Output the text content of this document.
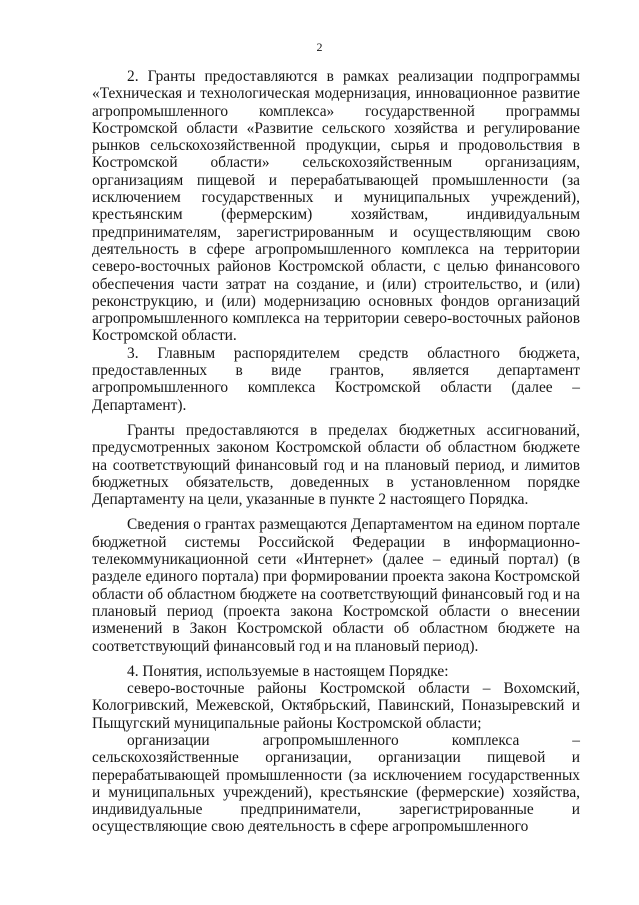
2

2. Гранты предоставляются в рамках реализации подпрограммы «Техническая и технологическая модернизация, инновационное развитие агропромышленного комплекса» государственной программы Костромской области «Развитие сельского хозяйства и регулирование рынков сельскохозяйственной продукции, сырья и продовольствия в Костромской области» сельскохозяйственным организациям, организациям пищевой и перерабатывающей промышленности (за исключением государственных и муниципальных учреждений), крестьянским (фермерским) хозяйствам, индивидуальным предпринимателям, зарегистрированным и осуществляющим свою деятельность в сфере агропромышленного комплекса на территории северо-восточных районов Костромской области, с целью финансового обеспечения части затрат на создание, и (или) строительство, и (или) реконструкцию, и (или) модернизацию основных фондов организаций агропромышленного комплекса на территории северо-восточных районов Костромской области.

3. Главным распорядителем средств областного бюджета, предоставленных в виде грантов, является департамент агропромышленного комплекса Костромской области (далее – Департамент).

Гранты предоставляются в пределах бюджетных ассигнований, предусмотренных законом Костромской области об областном бюджете на соответствующий финансовый год и на плановый период, и лимитов бюджетных обязательств, доведенных в установленном порядке Департаменту на цели, указанные в пункте 2 настоящего Порядка.

Сведения о грантах размещаются Департаментом на едином портале бюджетной системы Российской Федерации в информационно-телекоммуникационной сети «Интернет» (далее – единый портал) (в разделе единого портала) при формировании проекта закона Костромской области об областном бюджете на соответствующий финансовый год и на плановый период (проекта закона Костромской области о внесении изменений в Закон Костромской области об областном бюджете на соответствующий финансовый год и на плановый период).

4. Понятия, используемые в настоящем Порядке:

северо-восточные районы Костромской области – Вохомский, Кологривский, Межевской, Октябрьский, Павинский, Поназыревский и Пыщугский муниципальные районы Костромской области;

организации агропромышленного комплекса – сельскохозяйственные организации, организации пищевой и перерабатывающей промышленности (за исключением государственных и муниципальных учреждений), крестьянские (фермерские) хозяйства, индивидуальные предприниматели, зарегистрированные и осуществляющие свою деятельность в сфере агропромышленного
